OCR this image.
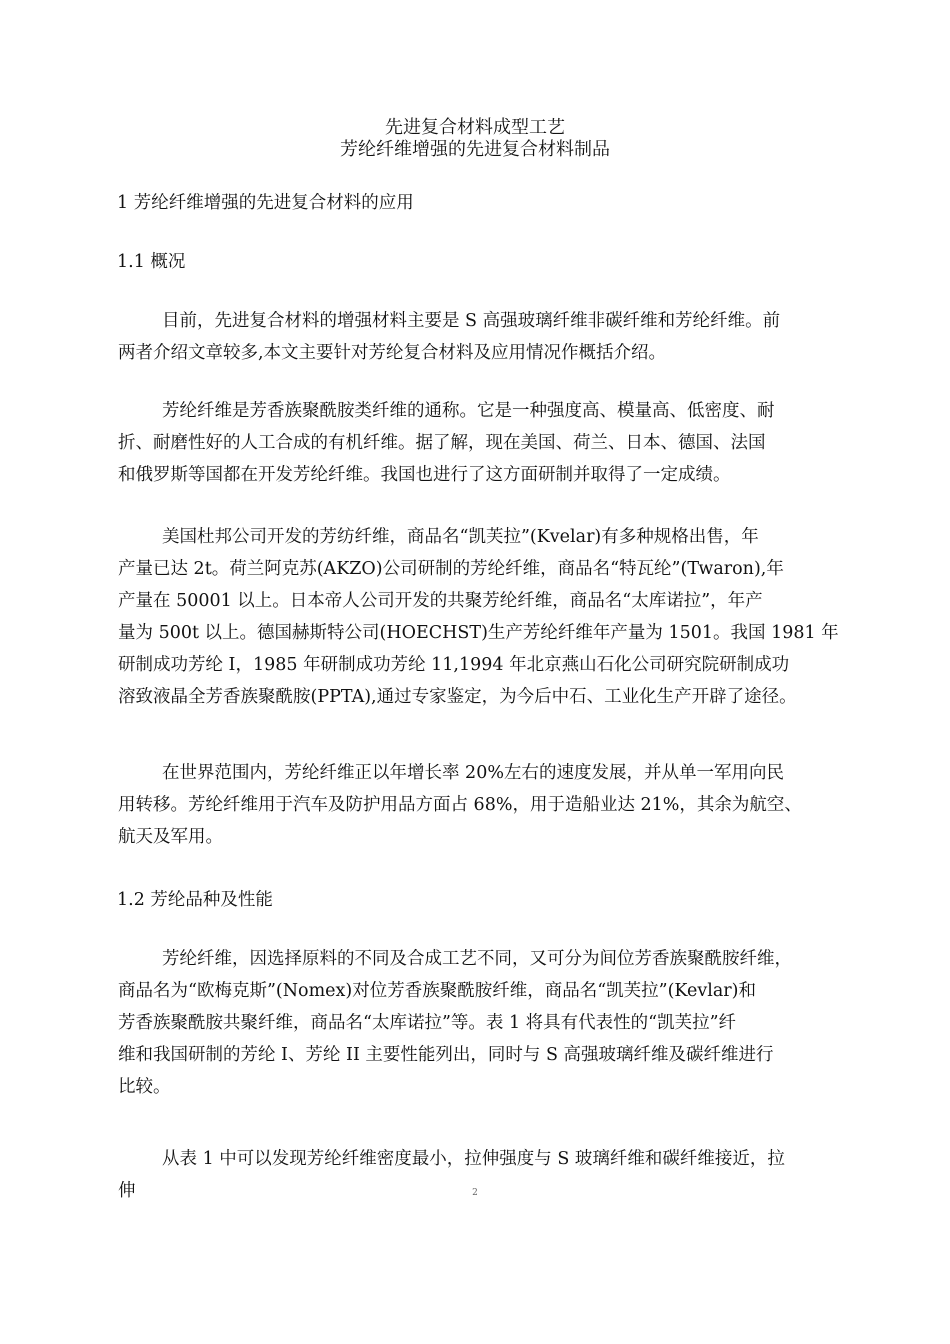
先进复合材料成型工艺
芳纶纤维增强的先进复合材料制品
1 芳纶纤维增强的先进复合材料的应用
1.1 概况
目前，先进复合材料的增强材料主要是 S 高强玻璃纤维非碳纤维和芳纶纤维。前
两者介绍文章较多,本文主要针对芳纶复合材料及应用情况作概括介绍。
芳纶纤维是芳香族聚酰胺类纤维的通称。它是一种强度高、模量高、低密度、耐
折、耐磨性好的人工合成的有机纤维。据了解，现在美国、荷兰、日本、德国、法国
和俄罗斯等国都在开发芳纶纤维。我国也进行了这方面研制并取得了一定成绩。
美国杜邦公司开发的芳纺纤维，商品名“凯芙拉”(Kvelar)有多种规格出售，年
产量已达 2t。荷兰阿克苏(AKZO)公司研制的芳纶纤维，商品名“特瓦纶”(Twaron),年
产量在 50001 以上。日本帝人公司开发的共聚芳纶纤维，商品名“太库诺拉”，年产
量为 500t 以上。德国赫斯特公司(HOECHST)生产芳纶纤维年产量为 1501。我国 1981 年
研制成功芳纶 I，1985 年研制成功芳纶 11,1994 年北京燕山石化公司研究院研制成功
溶致液晶全芳香族聚酰胺(PPTA),通过专家鉴定，为今后中石、工业化生产开辟了途径。
在世界范围内，芳纶纤维正以年增长率 20%左右的速度发展，并从单一军用向民
用转移。芳纶纤维用于汽车及防护用品方面占 68%，用于造船业达 21%，其余为航空、
航天及军用。
1.2 芳纶品种及性能
芳纶纤维，因选择原料的不同及合成工艺不同，又可分为间位芳香族聚酰胺纤维，
商品名为“欧梅克斯”(Nomex)对位芳香族聚酰胺纤维，商品名“凯芙拉”(Kevlar)和
芳香族聚酰胺共聚纤维，商品名“太库诺拉”等。表 1 将具有代表性的“凯芙拉”纤
维和我国研制的芳纶 I、芳纶 II 主要性能列出，同时与 S 高强玻璃纤维及碳纤维进行
比较。
从表 1 中可以发现芳纶纤维密度最小，拉伸强度与 S 玻璃纤维和碳纤维接近，拉
伸	2
